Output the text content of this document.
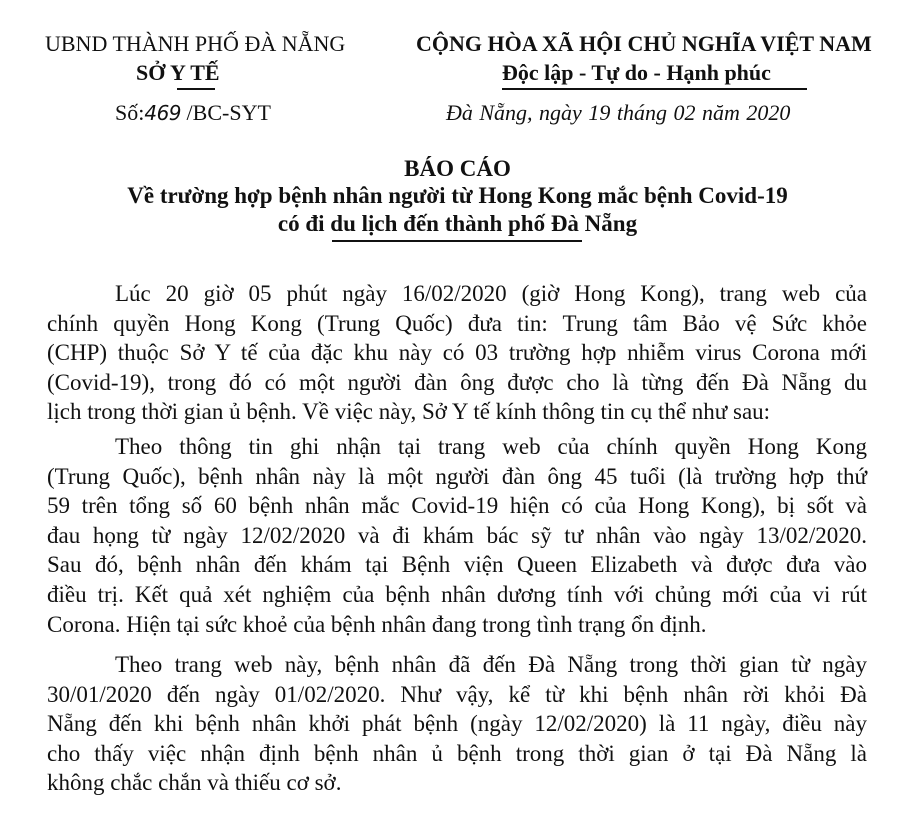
UBND THÀNH PHỐ ĐÀ NẴNG
SỞ Y TẾ
Số:469 /BC-SYT
CỘNG HÒA XÃ HỘI CHỦ NGHĨA VIỆT NAM
Độc lập - Tự do - Hạnh phúc
Đà Nẵng, ngày 19 tháng 02 năm 2020
BÁO CÁO
Về trường hợp bệnh nhân người từ Hong Kong mắc bệnh Covid-19
có đi du lịch đến thành phố Đà Nẵng
Lúc 20 giờ 05 phút ngày 16/02/2020 (giờ Hong Kong), trang web của
chính quyền Hong Kong (Trung Quốc) đưa tin: Trung tâm Bảo vệ Sức khỏe
(CHP) thuộc Sở Y tế của đặc khu này có 03 trường hợp nhiễm virus Corona mới
(Covid-19), trong đó có một người đàn ông được cho là từng đến Đà Nẵng du
lịch trong thời gian ủ bệnh. Về việc này, Sở Y tế kính thông tin cụ thể như sau:
Theo thông tin ghi nhận tại trang web của chính quyền Hong Kong
(Trung Quốc), bệnh nhân này là một người đàn ông 45 tuổi (là trường hợp thứ
59 trên tổng số 60 bệnh nhân mắc Covid-19 hiện có của Hong Kong), bị sốt và
đau họng từ ngày 12/02/2020 và đi khám bác sỹ tư nhân vào ngày 13/02/2020.
Sau đó, bệnh nhân đến khám tại Bệnh viện Queen Elizabeth và được đưa vào
điều trị. Kết quả xét nghiệm của bệnh nhân dương tính với chủng mới của vi rút
Corona. Hiện tại sức khoẻ của bệnh nhân đang trong tình trạng ổn định.
Theo trang web này, bệnh nhân đã đến Đà Nẵng trong thời gian từ ngày
30/01/2020 đến ngày 01/02/2020. Như vậy, kể từ khi bệnh nhân rời khỏi Đà
Nẵng đến khi bệnh nhân khởi phát bệnh (ngày 12/02/2020) là 11 ngày, điều này
cho thấy việc nhận định bệnh nhân ủ bệnh trong thời gian ở tại Đà Nẵng là
không chắc chắn và thiếu cơ sở.
